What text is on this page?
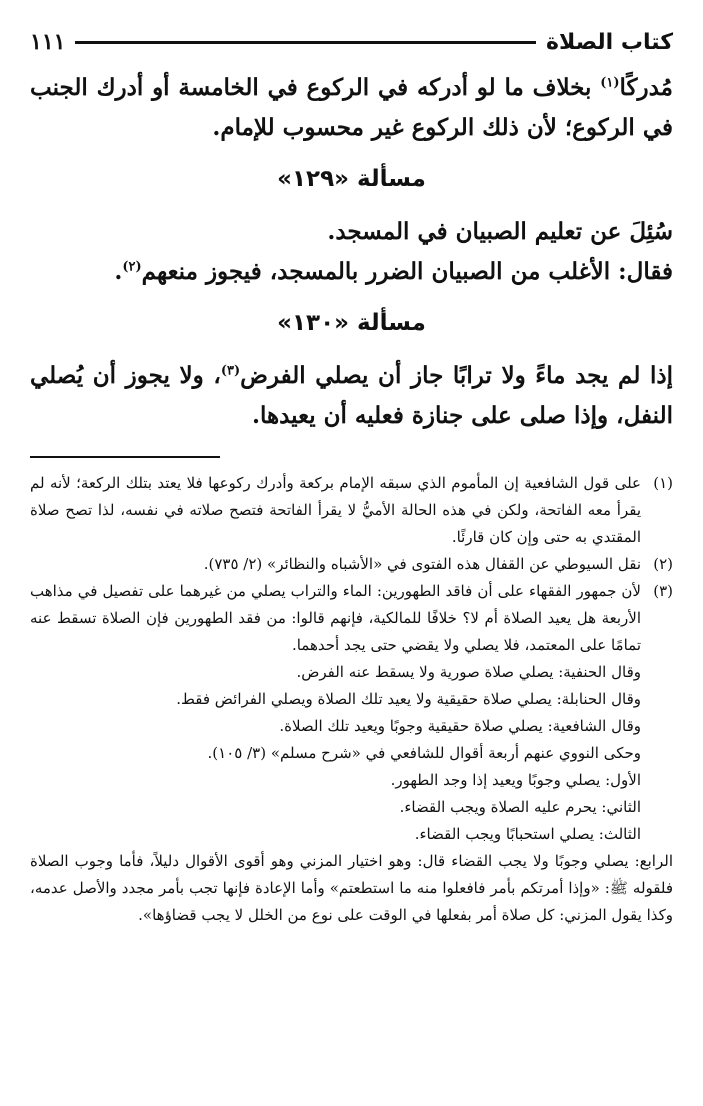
كتاب الصلاة
١١١

مُدركًا$^{(١)}$ بخلاف ما لو أدركه في الركوع في الخامسة أو أدرك الجنب في الركوع؛ لأن ذلك الركوع غير محسوب للإمام.

مسألة «١٢٩»

سُئِلَ عن تعليم الصبيان في المسجد.

فقال: الأغلب من الصبيان الضرر بالمسجد، فيجوز منعهم$^{(٢)}$.

مسألة «١٣٠»

إذا لم يجد ماءً ولا ترابًا جاز أن يصلي الفرض$^{(٣)}$، ولا يجوز أن يُصلي النفل، وإذا صلى على جنازة فعليه أن يعيدها.

(١)
على قول الشافعية إن المأموم الذي سبقه الإمام بركعة وأدرك ركوعها فلا يعتد بتلك الركعة؛ لأنه لم يقرأ معه الفاتحة، ولكن في هذه الحالة الأميُّ لا يقرأ الفاتحة فتصح صلاته في نفسه، لذا تصح صلاة المقتدي به حتى وإن كان قارئًا.
(٢)
نقل السيوطي عن القفال هذه الفتوى في «الأشباه والنظائر» (٢/ ٧٣٥).
(٣)
لأن جمهور الفقهاء على أن فاقد الطهورين: الماء والتراب يصلي من غيرهما على تفصيل في مذاهب الأربعة هل يعيد الصلاة أم لا؟ خلافًا للمالكية، فإنهم قالوا: من فقد الطهورين فإن الصلاة تسقط عنه تمامًا على المعتمد، فلا يصلي ولا يقضي حتى يجد أحدهما.

وقال الحنفية: يصلي صلاة صورية ولا يسقط عنه الفرض.

وقال الحنابلة: يصلي صلاة حقيقية ولا يعيد تلك الصلاة ويصلي الفرائض فقط.

وقال الشافعية: يصلي صلاة حقيقية وجوبًا ويعيد تلك الصلاة.

وحكى النووي عنهم أربعة أقوال للشافعي في «شرح مسلم» (٣/ ١٠٥).

الأول: يصلي وجوبًا ويعيد إذا وجد الطهور.

الثاني: يحرم عليه الصلاة ويجب القضاء.

الثالث: يصلي استحبابًا ويجب القضاء.

الرابع: يصلي وجوبًا ولا يجب القضاء قال: وهو اختيار المزني وهو أقوى الأقوال دليلاً، فأما وجوب الصلاة فلقوله ﷺ: «وإذا أمرتكم بأمر فافعلوا منه ما استطعتم» وأما الإعادة فإنها تجب بأمر مجدد والأصل عدمه، وكذا يقول المزني: كل صلاة أمر بفعلها في الوقت على نوع من الخلل لا يجب قضاؤها».
